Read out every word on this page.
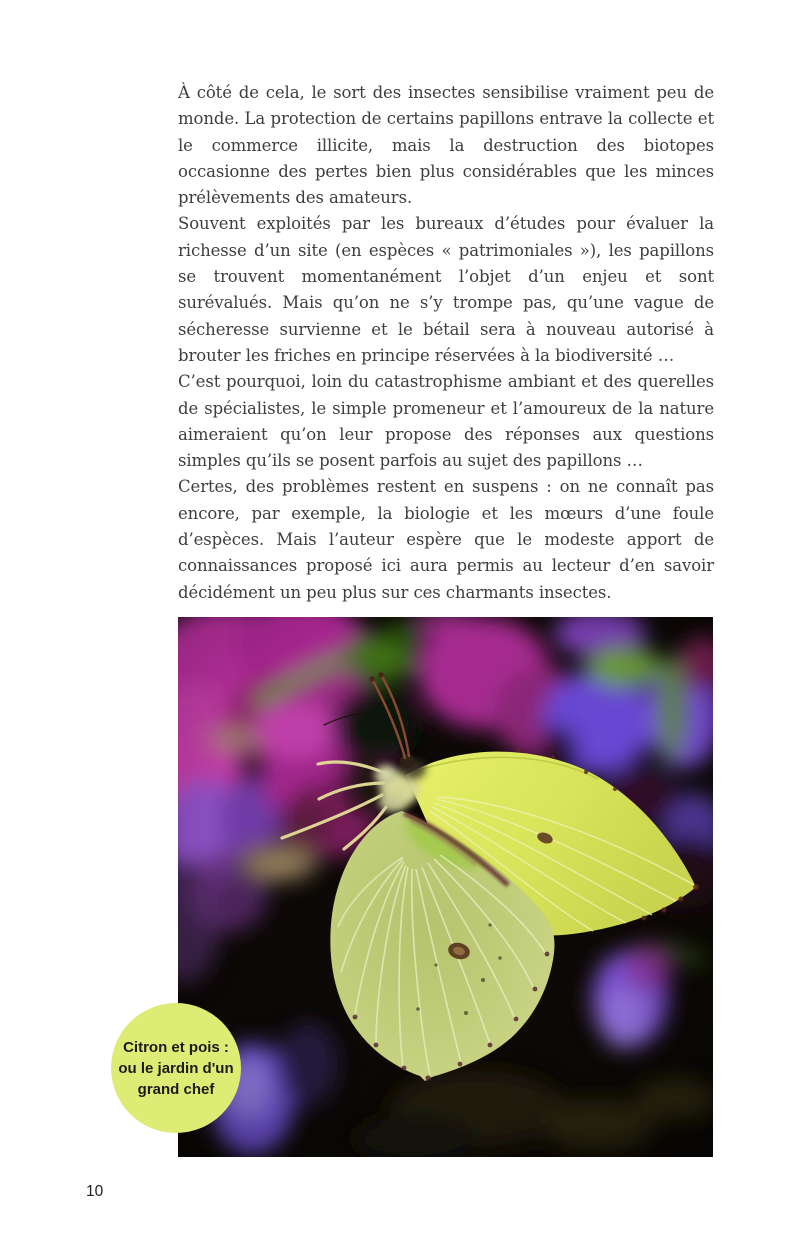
À côté de cela, le sort des insectes sensibilise vraiment peu de monde. La protection de certains papillons entrave la collecte et le commerce illicite, mais la destruction des biotopes occasionne des pertes bien plus considérables que les minces prélèvements des amateurs.

Souvent exploités par les bureaux d’études pour évaluer la richesse d’un site (en espèces « patrimoniales »), les papillons se trouvent momentanément l’objet d’un enjeu et sont surévalués. Mais qu’on ne s’y trompe pas, qu’une vague de sécheresse survienne et le bétail sera à nouveau autorisé à brouter les friches en principe réservées à la biodiversité …

C’est pourquoi, loin du catastrophisme ambiant et des querelles de spécialistes, le simple promeneur et l’amoureux de la nature aimeraient qu’on leur propose des réponses aux questions simples qu’ils se posent parfois au sujet des papillons …

Certes, des problèmes restent en suspens : on ne connaît pas encore, par exemple, la biologie et les mœurs d’une foule d’espèces. Mais l’auteur espère que le modeste apport de connaissances proposé ici aura permis au lecteur d’en savoir décidément un peu plus sur ces charmants insectes.

Citron et pois :
ou le jardin d'un
grand chef
10
